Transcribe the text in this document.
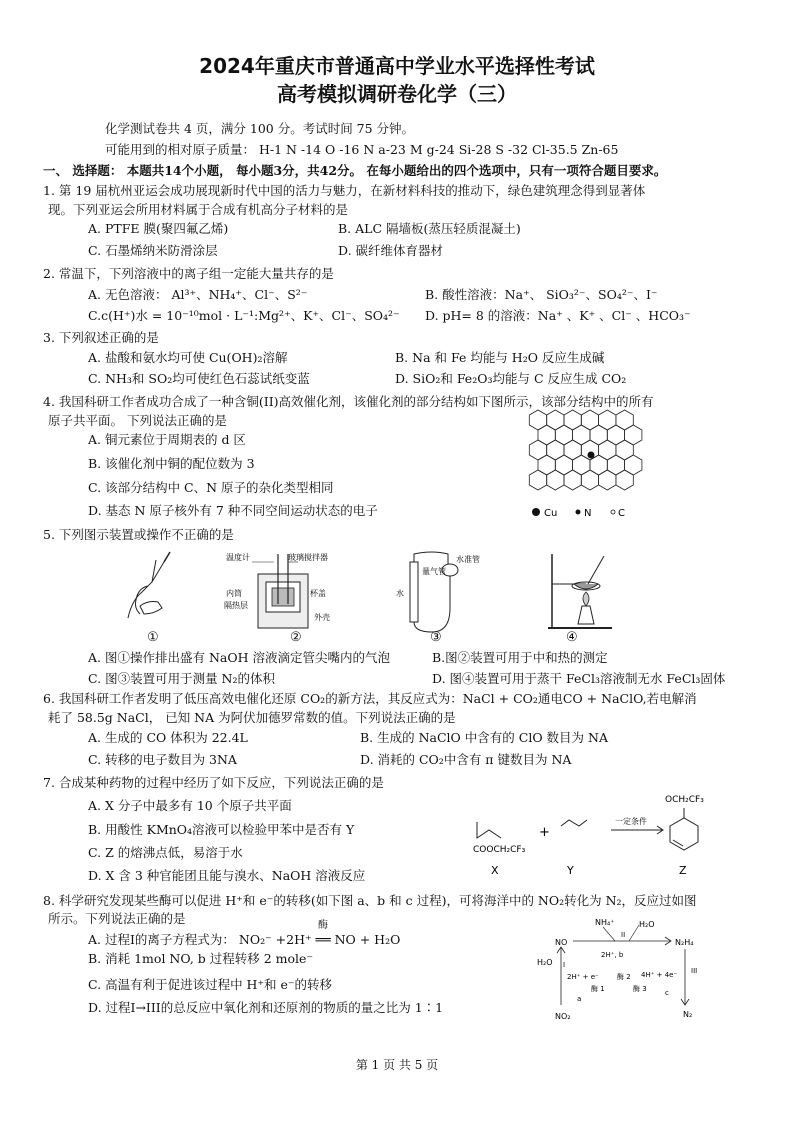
2024年重庆市普通高中学业水平选择性考试
高考模拟调研卷化学（三）
化学测试卷共 4 页，满分 100 分。考试时间 75 分钟。
可能用到的相对原子质量： H-1 N -14 O -16 N a-23 M g-24 Si-28 S -32 Cl-35.5 Zn-65
一、 选择题： 本题共14个小题， 每小题3分，共42分。 在每小题给出的四个选项中，只有一项符合题目要求。
1. 第 19 届杭州亚运会成功展现新时代中国的活力与魅力，在新材料科技的推动下，绿色建筑理念得到显著体
现。下列亚运会所用材料属于合成有机高分子材料的是
A. PTFE 膜(聚四氟乙烯)	B. ALC 隔墙板(蒸压轻质混凝土)
C. 石墨烯纳米防滑涂层	D. 碳纤维体育器材
2. 常温下，下列溶液中的离子组一定能大量共存的是
A. 无色溶液： Al³⁺、NH₄⁺、Cl⁻、S²⁻	B. 酸性溶液：Na⁺、 SiO₃²⁻、SO₄²⁻、I⁻
C.c(H⁺)水 = 10⁻¹⁰mol · L⁻¹:Mg²⁺、K⁺、Cl⁻、SO₄²⁻ D. pH= 8 的溶液：Na⁺ 、K⁺ 、Cl⁻ 、HCO₃⁻
3. 下列叙述正确的是
A. 盐酸和氨水均可使 Cu(OH)₂溶解	B. Na 和 Fe 均能与 H₂O 反应生成碱
C. NH₃和 SO₂均可使红色石蕊试纸变蓝	D. SiO₂和 Fe₂O₃均能与 C 反应生成 CO₂
4. 我国科研工作者成功合成了一种含铜(II)高效催化剂，该催化剂的部分结构如下图所示，该部分结构中的所有
原子共平面。 下列说法正确的是
A. 铜元素位于周期表的 d 区
B. 该催化剂中铜的配位数为 3
C. 该部分结构中 C、N 原子的杂化类型相同
D. 基态 N 原子核外有 7 种不同空间运动状态的电子	Cu	N	C
5. 下列图示装置或操作不正确的是
温度计	玻璃搅拌器
内筒	杯盖
隔热层
外壳
量气管
水准管
水
①	②	③	④
A. 图①操作排出盛有 NaOH 溶液滴定管尖嘴内的气泡	B.图②装置可用于中和热的测定
C. 图③装置可用于测量 N₂的体积	D. 图④装置可用于蒸干 FeCl₃溶液制无水 FeCl₃固体
6. 我国科研工作者发明了低压高效电催化还原 CO₂的新方法，其反应式为：NaCl + CO₂通电CO + NaClO,若电解消
耗了 58.5g NaCl， 已知 NA 为阿伏加德罗常数的值。下列说法正确的是
A. 生成的 CO 体积为 22.4L	B. 生成的 NaClO 中含有的 ClO 数目为 NA
C. 转移的电子数目为 3NA	D. 消耗的 CO₂中含有 π 键数目为 NA
7. 合成某种药物的过程中经历了如下反应，下列说法正确的是
A. X 分子中最多有 10 个原子共平面
B. 用酸性 KMnO₄溶液可以检验甲苯中是否有 Y
C. Z 的熔沸点低，易溶于水
D. X 含 3 种官能团且能与溴水、NaOH 溶液反应
COOCH₂CF₃
+
一定条件
OCH₂CF₃
X	Y	Z
8. 科学研究发现某些酶可以促进 H⁺和 e⁻的转移(如下图 a、b 和 c 过程)，可将海洋中的 NO₂转化为 N₂，反应过如图
所示。下列说法正确的是
A. 过程I的离子方程式为： NO₂⁻ +2H⁺ ══ NO + H₂O
酶
B. 消耗 1mol NO, b 过程转移 2 mole⁻
C. 高温有利于促进该过程中 H⁺和 e⁻的转移
D. 过程I→III的总反应中氧化剂和还原剂的物质的量之比为 1∶1
NH₄⁺	H₂O
NO	N₂H₄
II
H₂O I
2H⁺, b
2H⁺ + e⁻	酶 2 4H⁺ + 4e⁻
酶 1	酶 3	c
a
III
NO₂	N₂
第 1 页 共 5 页
